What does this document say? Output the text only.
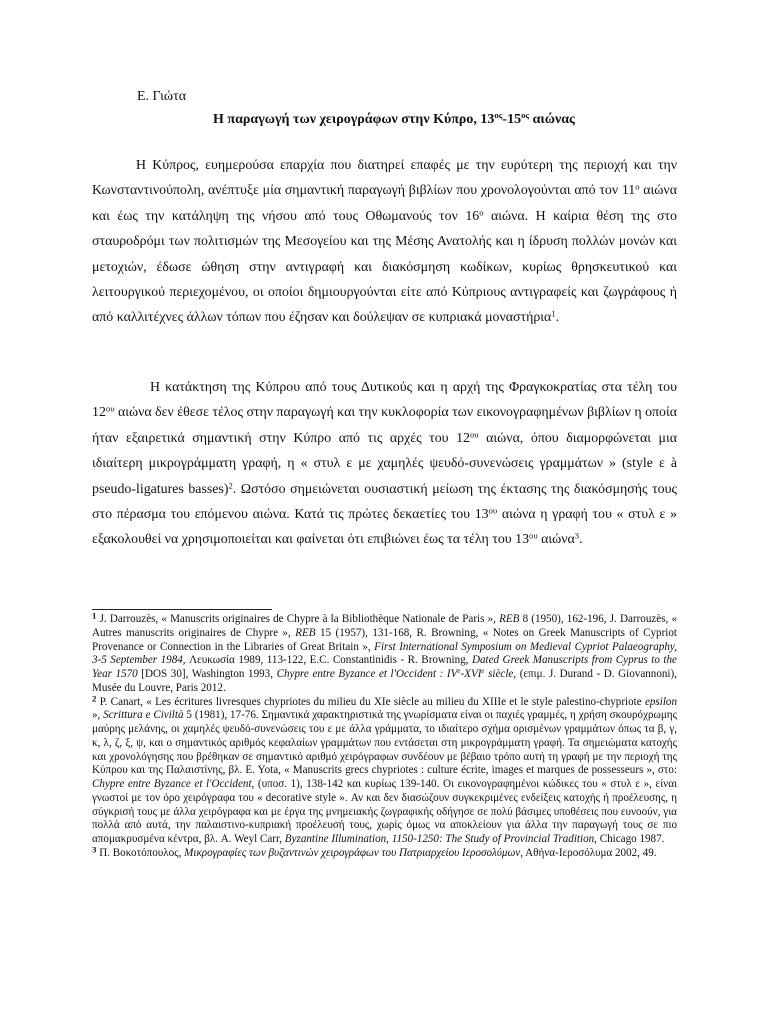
Ε. Γιώτα
Η παραγωγή των χειρογράφων στην Κύπρο, $13^{o\varsigma}-15^{o\varsigma}$ αιώνας
Η Κύπρος, ευημερούσα επαρχία που διατηρεί επαφές με την ευρύτερη της περιοχή και την Κωνσταντινούπολη, ανέπτυξε μία σημαντική παραγωγή βιβλίων που χρονολογούνται από τον $11^o$ αιώνα και έως την κατάληψη της νήσου από τους Οθωμανούς τον $16^o$ αιώνα. Η καίρια θέση της στο σταυροδρόμι των πολιτισμών της Μεσογείου και της Μέσης Ανατολής και η ίδρυση πολλών μονών και μετοχιών, έδωσε ώθηση στην αντιγραφή και διακόσμηση κωδίκων, κυρίως θρησκευτικού και λειτουργικού περιεχομένου, οι οποίοι δημιουργούνται είτε από Κύπριους αντιγραφείς και ζωγράφους ή από καλλιτέχνες άλλων τόπων που έζησαν και δούλεψαν σε κυπριακά μοναστήρια$^1$.
Η κατάκτηση της Κύπρου από τους Δυτικούς και η αρχή της Φραγκοκρατίας στα τέλη του $12^{o\upsilon}$ αιώνα δεν έθεσε τέλος στην παραγωγή και την κυκλοφορία των εικονογραφημένων βιβλίων η οποία ήταν εξαιρετικά σημαντική στην Κύπρο από τις αρχές του $12^{o\upsilon}$ αιώνα, όπου διαμορφώνεται μια ιδιαίτερη μικρογράμματη γραφή, η « στυλ ε με χαμηλές ψευδό-συνενώσεις γραμμάτων » (style ε à pseudo-ligatures basses)$^2$. Ωστόσο σημειώνεται ουσιαστική μείωση της έκτασης της διακόσμησής τους στο πέρασμα του επόμενου αιώνα. Κατά τις πρώτες δεκαετίες του $13^{o\upsilon}$ αιώνα η γραφή του « στυλ ε » εξακολουθεί να χρησιμοποιείται και φαίνεται ότι επιβιώνει έως τα τέλη του $13^{o\upsilon}$ αιώνα$^3$.

$^1$ J. Darrouzès, « Manuscrits originaires de Chypre à la Bibliothèque Nationale de Paris », REB 8 (1950), 162-196, J. Darrouzès, « Autres manuscrits originaires de Chypre », REB 15 (1957), 131-168, R. Browning, « Notes on Greek Manuscripts of Cypriot Provenance or Connection in the Libraries of Great Britain », First International Symposium on Medieval Cypriot Palaeography, 3-5 September 1984, Λευκωσία 1989, 113-122, E.C. Constantinidis - R. Browning, Dated Greek Manuscripts from Cyprus to the Year 1570 [DOS 30], Washington 1993, Chypre entre Byzance et l'Occident : IVe-XVIe siècle, (επιμ. J. Durand - D. Giovannoni), Musée du Louvre, Paris 2012.

$^2$ P. Canart, « Les écritures livresques chypriotes du milieu du XIe siècle au milieu du XIIIe et le style palestino-chypriote epsilon », Scrittura e Civiltà 5 (1981), 17-76. Σημαντικά χαρακτηριστικά της γνωρίσματα είναι οι παχιές γραμμές, η χρήση σκουρόχρωμης μαύρης μελάνης, οι χαμηλές ψευδό-συνενώσεις του ε με άλλα γράμματα, το ιδιαίτερο σχήμα ορισμένων γραμμάτων όπως τα β, γ, κ, λ, ζ, ξ, ψ, και ο σημαντικός αριθμός κεφαλαίων γραμμάτων που εντάσεται στη μικρογράμματη γραφή. Τα σημειώματα κατοχής και χρονολόγησης που βρέθηκαν σε σημαντικό αριθμό χειρόγραφων συνδέουν με βέβαιο τρόπο αυτή τη γραφή με την περιοχή της Κύπρου και της Παλαιστίνης, βλ. E. Yota, « Manuscrits grecs chypriotes : culture écrite, images et marques de possesseurs », στο: Chypre entre Byzance et l'Occident, (υποσ. 1), 138-142 και κυρίως 139-140. Οι εικονογραφημένοι κώδικες του « στυλ ε », είναι γνωστοί με τον όρο χειρόγραφα του « decorative style ». Αν και δεν διασώζουν συγκεκριμένες ενδείξεις κατοχής ή προέλευσης, η σύγκρισή τους με άλλα χειρόγραφα και με έργα της μνημειακής ζωγραφικής οδήγησε σε πολύ βάσιμες υποθέσεις που ευνοούν, για πολλά από αυτά, την παλαιστινο-κυπριακή προέλευσή τους, χωρίς όμως να αποκλείουν για άλλα την παραγωγή τους σε πιο απομακρυσμένα κέντρα, βλ. A. Weyl Carr, Byzantine Illumination, 1150-1250: The Study of Provincial Tradition, Chicago 1987.

$^3$ Π. Βοκοτόπουλος, Μικρογραφίες των βυζαντινών χειρογράφων του Πατριαρχείου Ιεροσολύμων, Αθήνα-Ιεροσόλυμα 2002, 49.
